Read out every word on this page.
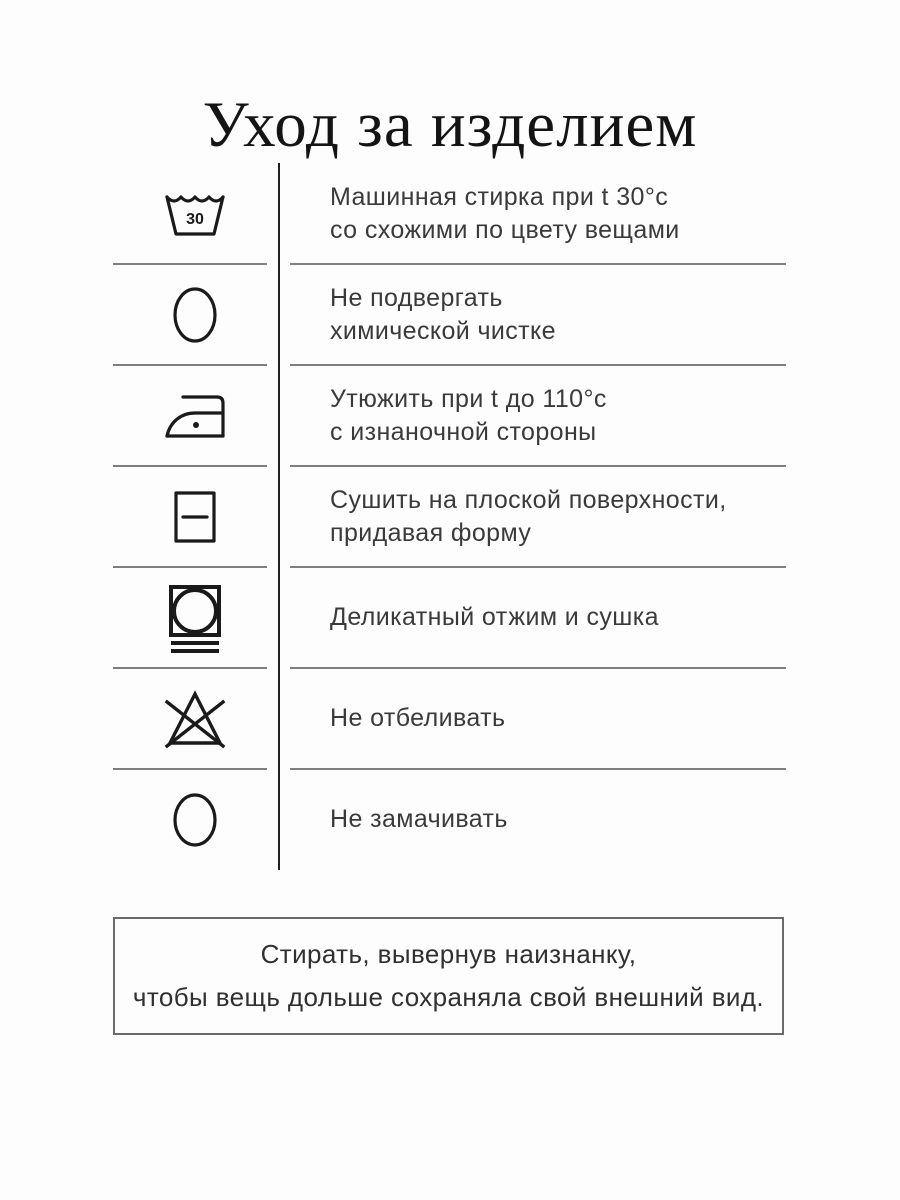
Уход за изделием
30
Машинная стирка при t 30°c
со схожими по цвету вещами
Не подвергать
химической чистке
Утюжить при t до 110°c
с изнаночной стороны
Сушить на плоской поверхности,
придавая форму
Деликатный отжим и сушка
Не отбеливать
Не замачивать
Стирать, вывернув наизнанку,
чтобы вещь дольше сохраняла свой внешний вид.
